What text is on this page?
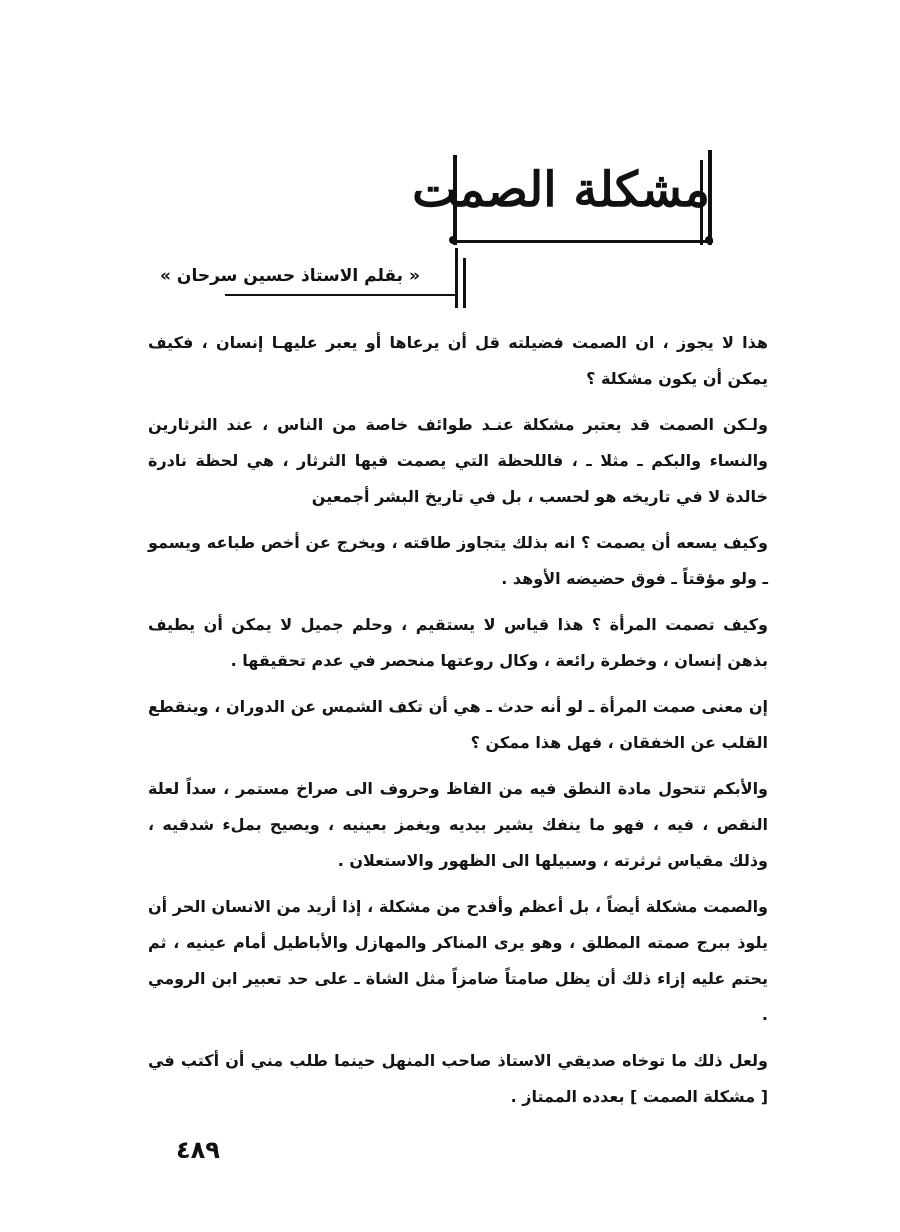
مشكلة الصمت
« بقلم الاستاذ حسين سرحان »

هذا لا يجوز ، ان الصمت فضيلته قل أن يرعاها أو يعبر عليهـا إنسان ، فكيف يمكن أن يكون مشكلة ؟

ولـكن الصمت قد يعتبر مشكلة عنـد طوائف خاصة من الناس ، عند الثرثارين والنساء والبكم ـ مثلا ـ ، فاللحظة التي يصمت فيها الثرثار ، هي لحظة نادرة خالدة لا في تاريخه هو لحسب ، بل في تاريخ البشر أجمعين

وكيف يسعه أن يصمت ؟ انه بذلك يتجاوز طاقته ، ويخرج عن أخص طباعه ويسمو ـ ولو مؤقتاً ـ فوق حضيضه الأوهد .

وكيف تصمت المرأة ؟ هذا قياس لا يستقيم ، وحلم جميل لا يمكن أن يطيف بذهن إنسان ، وخطرة رائعة ، وكال روعتها منحصر في عدم تحقيقها .

إن معنى صمت المرأة ـ لو أنه حدث ـ هي أن تكف الشمس عن الدوران ، وينقطع القلب عن الخفقان ، فهل هذا ممكن ؟

والأبكم تتحول مادة النطق فيه من الفاظ وحروف الى صراخ مستمر ، سداً لعلة النقص ، فيه ، فهو ما ينفك يشير بيديه ويغمز بعينيه ، ويصيح بملء شدقيه ، وذلك مقياس ثرثرته ، وسبيلها الى الظهور والاستعلان .

والصمت مشكلة أيضاً ، بل أعظم وأفدح من مشكلة ، إذا أريد من الانسان الحر أن يلوذ ببرج صمته المطلق ، وهو يرى المناكر والمهازل والأباطيل أمام عينيه ، ثم يحتم عليه إزاء ذلك أن يظل صامتاً ضامزاً مثل الشاة ـ على حد تعبير ابن الرومي .

ولعل ذلك ما توخاه صديقي الاستاذ صاحب المنهل حينما طلب مني أن أكتب في [ مشكلة الصمت ] بعدده الممتاز .

٤٨٩
